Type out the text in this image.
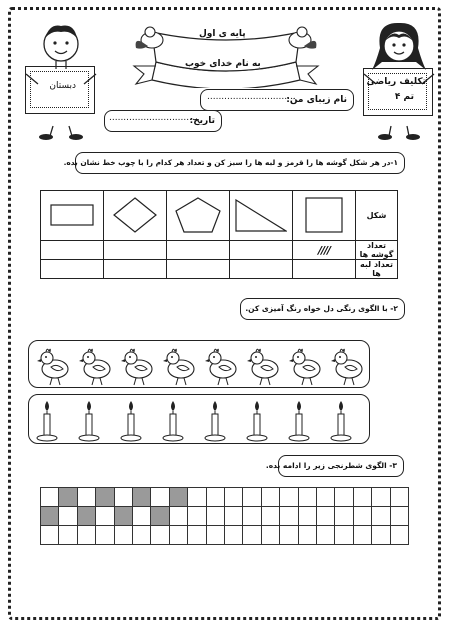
دبستان	تکلیف ریاضی
تم ۴
پایه ی اول
به نام خدای خوب
نام زیبای من:
...............................
تاریخ:
...............................
۱-در هر شکل گوشه ها را قرمز و لبه ها را سبز کن و تعداد هر کدام را با چوب خط نشان بده.
					شکل
				////	تعداد گوشه ها
					تعداد لبه ها
۲- با الگوی رنگی دل خواه رنگ آمیزی کن.
۳- الگوی شطرنجی زیر را ادامه بده.
